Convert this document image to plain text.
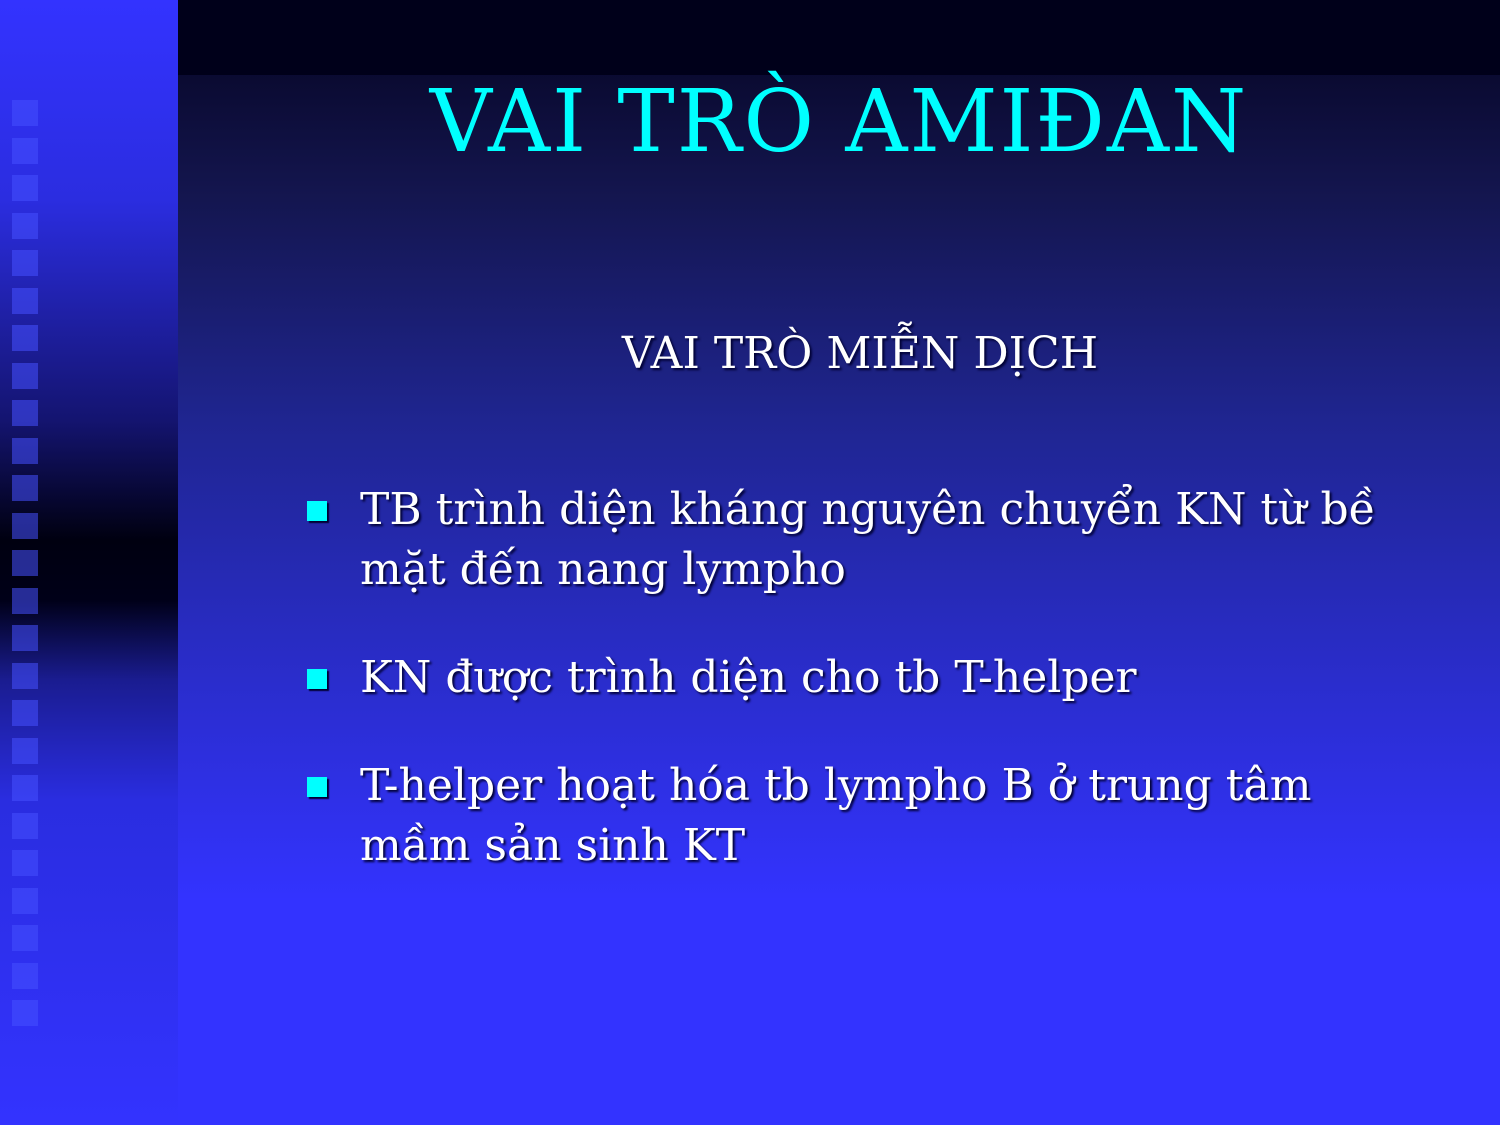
VAI TRÒ AMIĐAN
VAI TRÒ MIỄN DỊCH
TB trình diện kháng nguyên chuyển KN từ bề mặt đến nang lympho
KN được trình diện cho tb T-helper
T-helper hoạt hóa tb lympho B ở trung tâm mầm sản sinh KT
